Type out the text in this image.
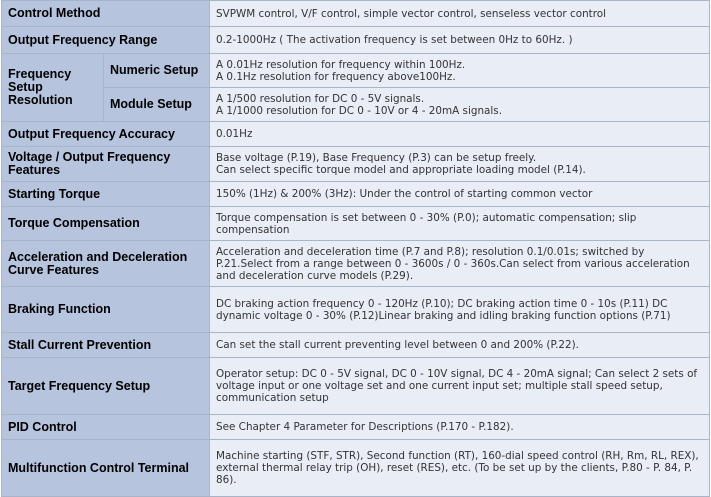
Control Method		SVPWM control, V/F control, simple vector control, senseless vector control
Output Frequency Range		0.2-1000Hz ( The activation frequency is set between 0Hz to 60Hz. )
Frequency Setup Resolution	Numeric Setup	A 0.01Hz resolution for frequency within 100Hz.
A 0.1Hz resolution for frequency above100Hz.

	Module Setup	A 1/500 resolution for DC 0 - 5V signals.
A 1/1000 resolution for DC 0 - 10V or 4 - 20mA signals.

Output Frequency Accuracy		0.01Hz
Voltage / Output Frequency Features		Base voltage (P.19), Base Frequency (P.3) can be setup freely.
Can select specific torque model and appropriate loading model (P.14).

Starting Torque		150% (1Hz) & 200% (3Hz): Under the control of starting common vector
Torque Compensation		Torque compensation is set between 0 - 30% (P.0); automatic compensation; slip compensation

Acceleration and Deceleration Curve Features		Acceleration and deceleration time (P.7 and P.8); resolution 0.1/0.01s; switched by P.21.Select from a range between 0 - 3600s / 0 - 360s.Can select from various acceleration and deceleration curve models (P.29).

Braking Function		DC braking action frequency 0 - 120Hz (P.10); DC braking action time 0 - 10s (P.11) DC dynamic voltage 0 - 30% (P.12)Linear braking and idling braking function options (P.71)

Stall Current Prevention		Can set the stall current preventing level between 0 and 200% (P.22).
Target Frequency Setup		Operator setup: DC 0 - 5V signal, DC 0 - 10V signal, DC 4 - 20mA signal; Can select 2 sets of voltage input or one voltage set and one current input set; multiple stall speed setup, communication setup

PID Control		See Chapter 4 Parameter for Descriptions (P.170 - P.182).
Multifunction Control Terminal		Machine starting (STF, STR), Second function (RT), 160-dial speed control (RH, Rm, RL, REX), external thermal relay trip (OH), reset (RES), etc. (To be set up by the clients, P.80 - P. 84, P. 86).
